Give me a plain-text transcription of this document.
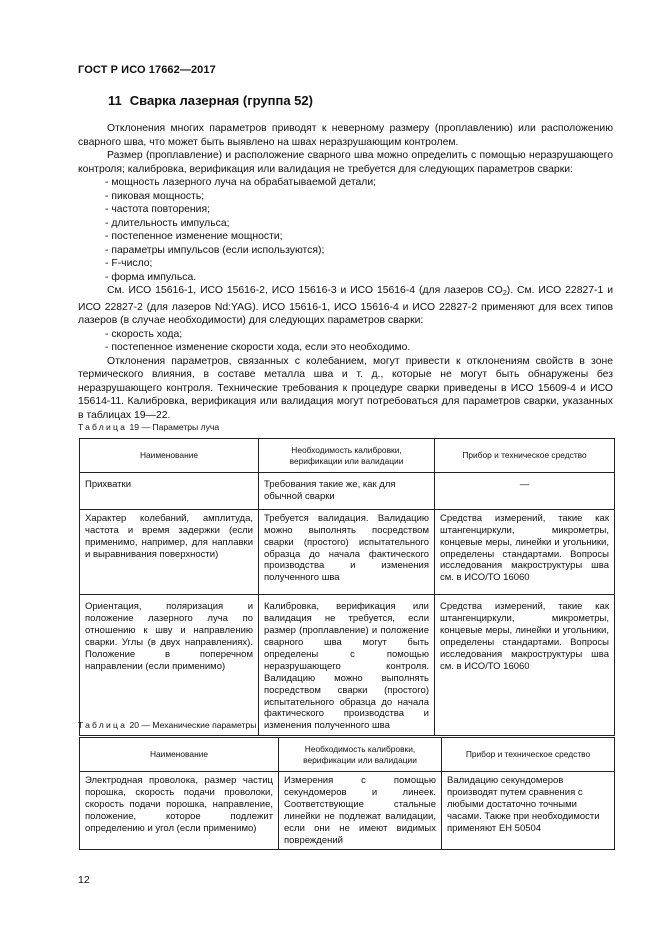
ГОСТ Р ИСО 17662—2017
11 Сварка лазерная (группа 52)

Отклонения многих параметров приводят к неверному размеру (проплавлению) или расположению сварного шва, что может быть выявлено на швах неразрушающим контролем.

Размер (проплавление) и расположение сварного шва можно определить с помощью неразрушающего контроля; калибровка, верификация или валидация не требуется для следующих параметров сварки:

- мощность лазерного луча на обрабатываемой детали;

- пиковая мощность;

- частота повторения;

- длительность импульса;

- постепенное изменение мощности;

- параметры импульсов (если используются);

- F-число;

- форма импульса.

См. ИСО 15616-1, ИСО 15616-2, ИСО 15616-3 и ИСО 15616-4 (для лазеров $CO_2$). См. ИСО 22827-1 и ИСО 22827-2 (для лазеров Nd:YAG). ИСО 15616-1, ИСО 15616-4 и ИСО 22827-2 применяют для всех типов лазеров (в случае необходимости) для следующих параметров сварки:

- скорость хода;

- постепенное изменение скорости хода, если это необходимо.

Отклонения параметров, связанных с колебанием, могут привести к отклонениям свойств в зоне термического влияния, в составе металла шва и т. д., которые не могут быть обнаружены без неразрушающего контроля. Технические требования к процедуре сварки приведены в ИСО 15609-4 и ИСО 15614-11. Калибровка, верификация или валидация могут потребоваться для параметров сварки, указанных в таблицах 19—22.

Таблица 19 — Параметры луча
Наименование	Необходимость калибровки, верификации или валидации	Прибор и техническое средство
Прихватки	Требования такие же, как для обычной сварки	—
Характер колебаний, амплитуда, частота и время задержки (если применимо, например, для наплавки и выравнивания поверхности)	Требуется валидация. Валидацию можно выполнять посредством сварки (простого) испытательного образца до начала фактического производства и изменения полученного шва	Средства измерений, такие как штангенциркули, микрометры, концевые меры, линейки и угольники, определены стандартами. Вопросы исследования макроструктуры шва см. в ИСО/ТО 16060
Ориентация, поляризация и положение лазерного луча по отношению к шву и направлению сварки. Углы (в двух направлениях). Положение в поперечном направлении (если применимо)	Калибровка, верификация или валидация не требуется, если размер (проплавление) и положение сварного шва могут быть определены с помощью неразрушающего контроля. Валидацию можно выполнять посредством сварки (простого) испытательного образца до начала фактического производства и изменения полученного шва	Средства измерений, такие как штангенциркули, микрометры, концевые меры, линейки и угольники, определены стандартами. Вопросы исследования макроструктуры шва см. в ИСО/ТО 16060
Таблица 20 — Механические параметры
Наименование	Необходимость калибровки, верификации или валидации	Прибор и техническое средство
Электродная проволока, размер частиц порошка, скорость подачи проволоки, скорость подачи порошка, направление, положение, которое подлежит определению и угол (если применимо)	Измерения с помощью секундомеров и линеек. Соответствующие стальные линейки не подлежат валидации, если они не имеют видимых повреждений	Валидацию секундомеров производят путем сравнения с любыми достаточно точными часами. Также при необходимости применяют ЕН 50504
12
